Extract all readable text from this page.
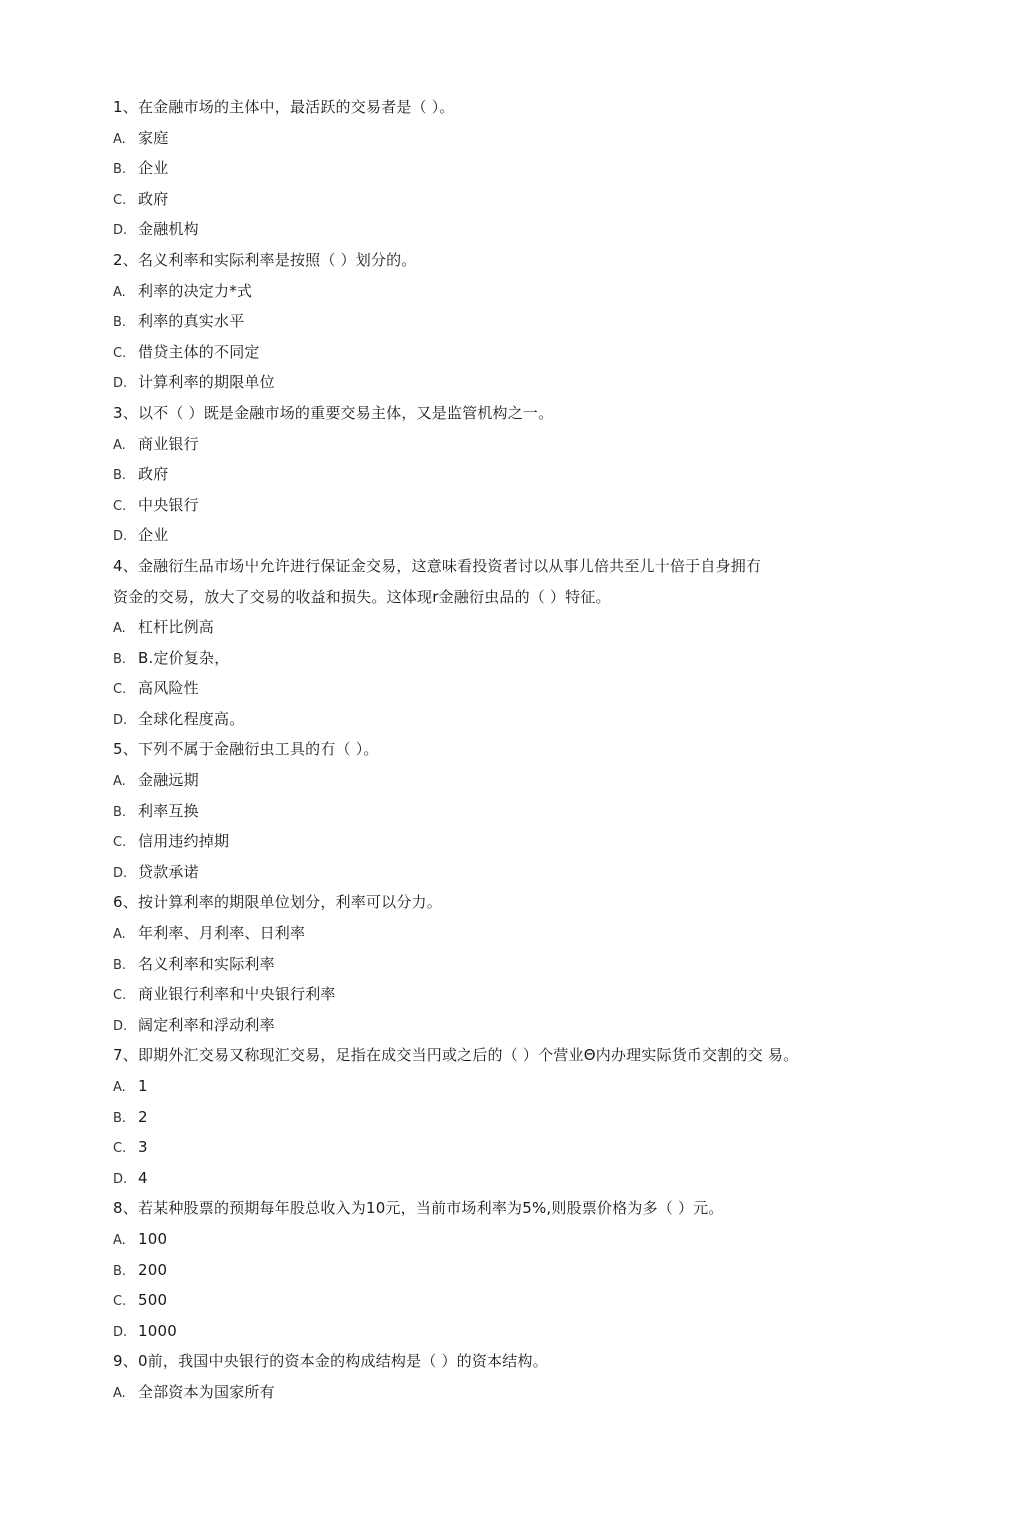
1、在金融市场的主体中，最活跃的交易者是（ ）。
A. 家庭
B. 企业
C. 政府
D. 金融机构
2、名义利率和实际利率是按照（ ）划分的。
A. 利率的决定力*式
B. 利率的真实水平
C. 借贷主体的不同定
D. 计算利率的期限单位
3、以不（ ）既是金融市场的重要交易主体，又是监管机构之一。
A. 商业银行
B. 政府
C. 中央银行
D. 企业
4、金融衍生品市场屮允许进行保证金交易，这意味看投资者讨以从事儿倍共至儿十倍于自身拥冇
资金的交易，放大了交易的收益和损失。这体现r金融衍虫品的（ ）特征。
A. 杠杆比例高
B. B.定价复杂，
C. 高风险性
D. 全球化程度高。
5、下列不属于金融衍虫工具的冇（ ）。
A. 金融远期
B. 利率互换
C. 信用违约掉期
D. 贷款承诺
6、按计算利率的期限单位划分，利率可以分力。
A. 年利率、月利率、日利率
B. 名义利率和实际利率
C. 商业银行利率和屮央银行利率
D. 阔定利率和浮动利率
7、即期外汇交易又称现汇交易，足指在成交当円或之后的（ ）个营业Θ内办理实际货币交割的交 易。
A. 1
B. 2
C. 3
D. 4
8、若某种股票的预期每年股总收入为10元，当前市场利率为5%,则股票价格为多（ ）元。
A. 100
B. 200
C. 500
D. 1000
9、0前，我国中央银行的资本金的构成结构是（ ）的资本结构。
A. 全部资本为国家所有
